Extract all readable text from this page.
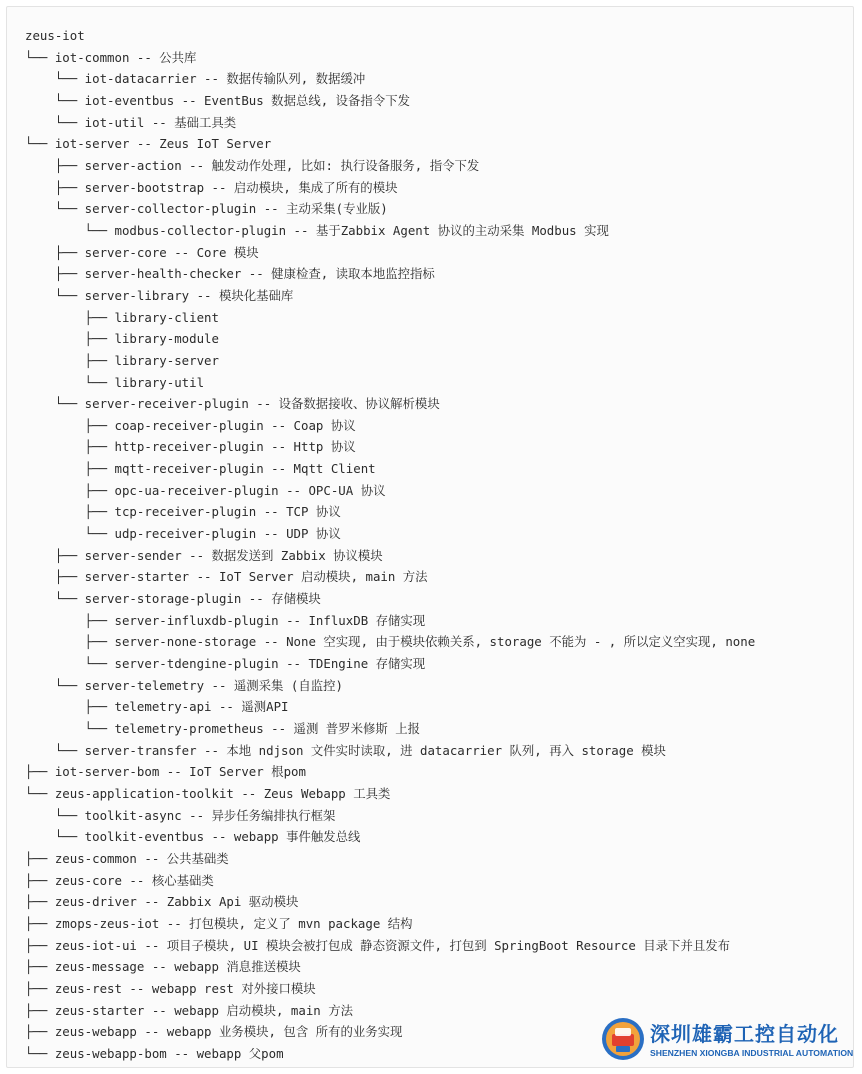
zeus-iot
└── iot-common -- 公共库
└── iot-datacarrier -- 数据传输队列, 数据缓冲
└── iot-eventbus -- EventBus 数据总线, 设备指令下发
└── iot-util -- 基础工具类
└── iot-server -- Zeus IoT Server
├── server-action -- 触发动作处理, 比如: 执行设备服务, 指令下发
├── server-bootstrap -- 启动模块, 集成了所有的模块
└── server-collector-plugin -- 主动采集(专业版)
└── modbus-collector-plugin -- 基于Zabbix Agent 协议的主动采集 Modbus 实现
├── server-core -- Core 模块
├── server-health-checker -- 健康检查, 读取本地监控指标
└── server-library -- 模块化基础库
├── library-client
├── library-module
├── library-server
└── library-util
└── server-receiver-plugin -- 设备数据接收、协议解析模块
├── coap-receiver-plugin -- Coap 协议
├── http-receiver-plugin -- Http 协议
├── mqtt-receiver-plugin -- Mqtt Client
├── opc-ua-receiver-plugin -- OPC-UA 协议
├── tcp-receiver-plugin -- TCP 协议
└── udp-receiver-plugin -- UDP 协议
├── server-sender -- 数据发送到 Zabbix 协议模块
├── server-starter -- IoT Server 启动模块, main 方法
└── server-storage-plugin -- 存储模块
├── server-influxdb-plugin -- InfluxDB 存储实现
├── server-none-storage -- None 空实现, 由于模块依赖关系, storage 不能为 - , 所以定义空实现, none
└── server-tdengine-plugin -- TDEngine 存储实现
└── server-telemetry -- 遥测采集 (自监控)
├── telemetry-api -- 遥测API
└── telemetry-prometheus -- 遥测 普罗米修斯 上报
└── server-transfer -- 本地 ndjson 文件实时读取, 进 datacarrier 队列, 再入 storage 模块
├── iot-server-bom -- IoT Server 根pom
└── zeus-application-toolkit -- Zeus Webapp 工具类
└── toolkit-async -- 异步任务编排执行框架
└── toolkit-eventbus -- webapp 事件触发总线
├── zeus-common -- 公共基础类
├── zeus-core -- 核心基础类
├── zeus-driver -- Zabbix Api 驱动模块
├── zmops-zeus-iot -- 打包模块, 定义了 mvn package 结构
├── zeus-iot-ui -- 项目子模块, UI 模块会被打包成 静态资源文件, 打包到 SpringBoot Resource 目录下并且发布
├── zeus-message -- webapp 消息推送模块
├── zeus-rest -- webapp rest 对外接口模块
├── zeus-starter -- webapp 启动模块, main 方法
├── zeus-webapp -- webapp 业务模块, 包含 所有的业务实现
└── zeus-webapp-bom -- webapp 父pom
深圳雄霸工控自动化
SHENZHEN XIONGBA INDUSTRIAL AUTOMATION
